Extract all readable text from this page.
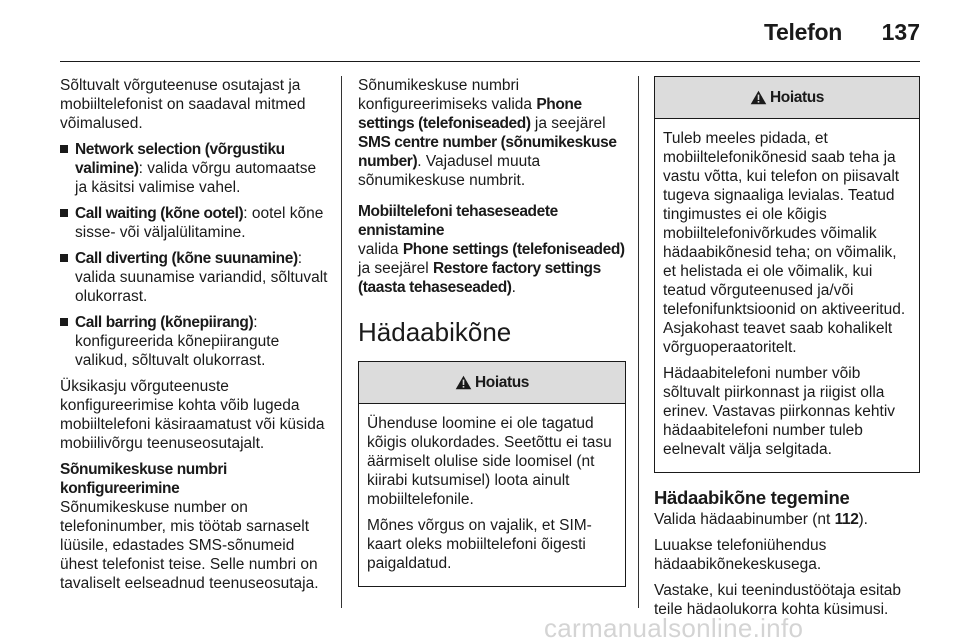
Telefon 137

Sõltuvalt võrguteenuse osutajast ja mobiiltelefonist on saadaval mitmed võimalused.

Network selection (võrgustiku valimine): valida võrgu automaatse ja käsitsi valimise vahel.
Call waiting (kõne ootel): ootel kõne sisse- või väljalülitamine.
Call diverting (kõne suunamine): valida suunamise variandid, sõltuvalt olukorrast.
Call barring (kõnepiirang): konfigureerida kõnepiirangute valikud, sõltuvalt olukorrast.

Üksikasju võrguteenuste konfigureerimise kohta võib lugeda mobiiltelefoni käsiraamatust või küsida mobiilivõrgu teenuseosutajalt.

Sõnumikeskuse numbri konfigureerimine

Sõnumikeskuse number on telefoninumber, mis töötab sarnaselt lüüsile, edastades SMS-sõnumeid ühest telefonist teise. Selle numbri on tavaliselt eelseadnud teenuseosutaja.

Sõnumikeskuse numbri konfigureerimiseks valida Phone settings (telefoniseaded) ja seejärel SMS centre number (sõnumikeskuse number). Vajadusel muuta sõnumikeskuse numbrit.

Mobiiltelefoni tehaseseadete ennistamine

valida Phone settings (telefoniseaded) ja seejärel Restore factory settings (taasta tehaseseaded).

Hädaabikõne
Hoiatus

Ühenduse loomine ei ole tagatud kõigis olukordades. Seetõttu ei tasu äärmiselt olulise side loomisel (nt kiirabi kutsumisel) loota ainult mobiiltelefonile.

Mõnes võrgus on vajalik, et SIM-kaart oleks mobiiltelefoni õigesti paigaldatud.

Hoiatus

Tuleb meeles pidada, et mobiiltelefonikõnesid saab teha ja vastu võtta, kui telefon on piisavalt tugeva signaaliga levialas. Teatud tingimustes ei ole kõigis mobiiltelefonivõrkudes võimalik hädaabikõnesid teha; on võimalik, et helistada ei ole võimalik, kui teatud võrguteenused ja/või telefonifunktsioonid on aktiveeritud. Asjakohast teavet saab kohalikelt võrguoperaatoritelt.

Hädaabitelefoni number võib sõltuvalt piirkonnast ja riigist olla erinev. Vastavas piirkonnas kehtiv hädaabitelefoni number tuleb eelnevalt välja selgitada.

Hädaabikõne tegemine

Valida hädaabinumber (nt 112).

Luuakse telefoniühendus hädaabikõnekeskusega.

Vastake, kui teenindustöötaja esitab teile hädaolukorra kohta küsimusi.

carmanualsonline.info
